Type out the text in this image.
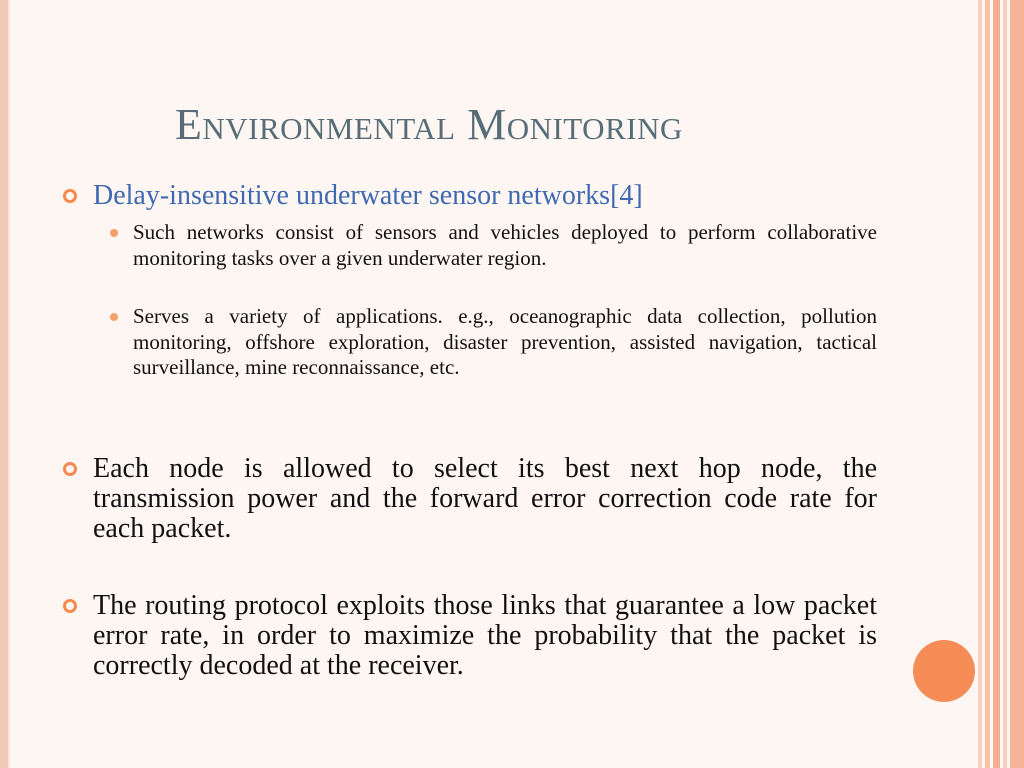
Environmental Monitoring
Delay-insensitive underwater sensor networks[4]
Such networks consist of sensors and vehicles deployed to perform collaborative monitoring tasks over a given underwater region.
Serves a variety of applications. e.g., oceanographic data collection, pollution monitoring, offshore exploration, disaster prevention, assisted navigation, tactical surveillance, mine reconnaissance, etc.
Each node is allowed to select its best next hop node, the transmission power and the forward error correction code rate for each packet.
The routing protocol exploits those links that guarantee a low packet error rate, in order to maximize the probability that the packet is correctly decoded at the receiver.
